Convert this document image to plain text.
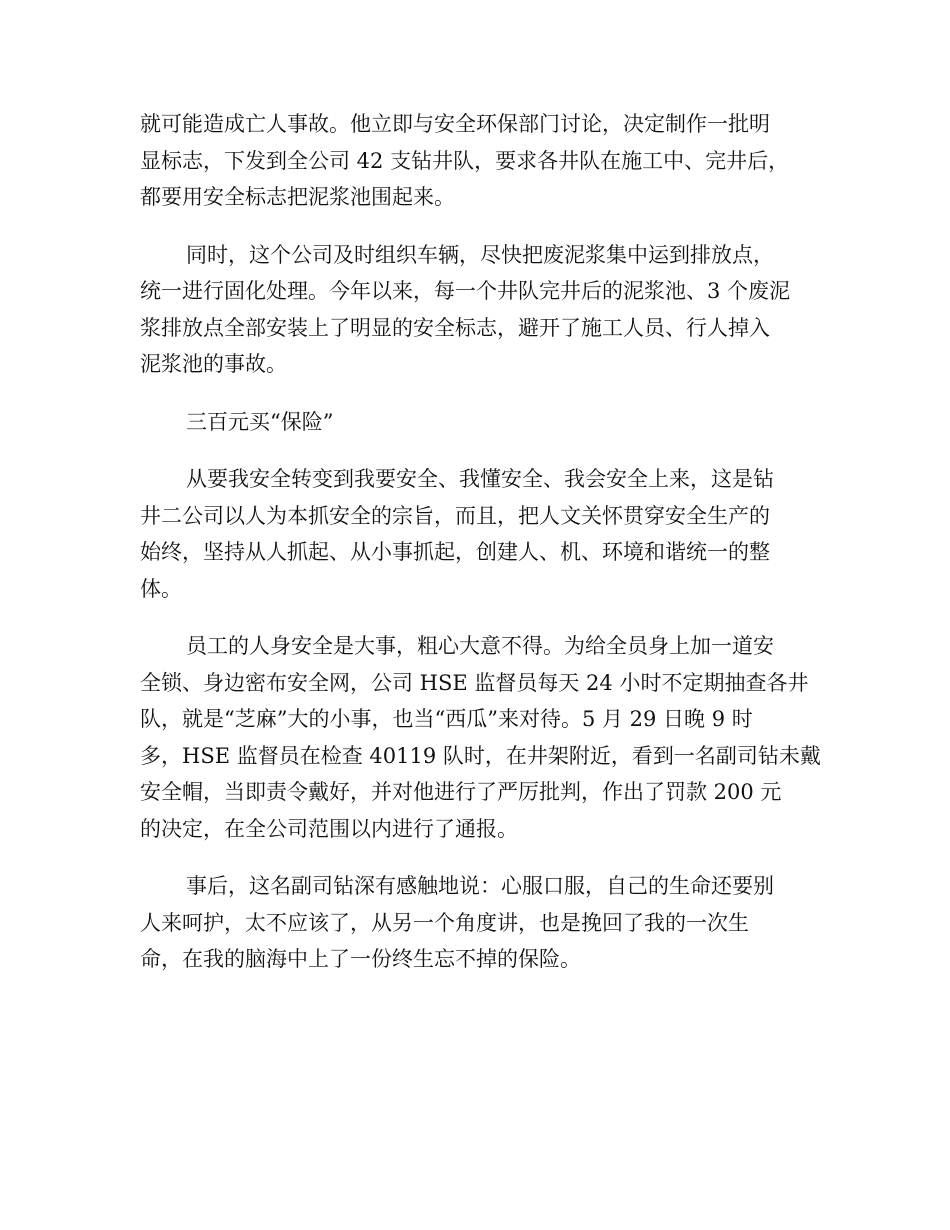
就可能造成亡人事故。他立即与安全环保部门讨论，决定制作一批明
显标志，下发到全公司 42 支钻井队，要求各井队在施工中、完井后，
都要用安全标志把泥浆池围起来。

同时，这个公司及时组织车辆，尽快把废泥浆集中运到排放点，
统一进行固化处理。今年以来，每一个井队完井后的泥浆池、3 个废泥
浆排放点全部安装上了明显的安全标志，避开了施工人员、行人掉入
泥浆池的事故。

三百元买“保险”

从要我安全转变到我要安全、我懂安全、我会安全上来，这是钻
井二公司以人为本抓安全的宗旨，而且，把人文关怀贯穿安全生产的
始终，坚持从人抓起、从小事抓起，创建人、机、环境和谐统一的整
体。

员工的人身安全是大事，粗心大意不得。为给全员身上加一道安
全锁、身边密布安全网，公司 HSE 监督员每天 24 小时不定期抽查各井
队，就是“芝麻”大的小事，也当“西瓜”来对待。5 月 29 日晚 9 时
多，HSE 监督员在检查 40119 队时，在井架附近，看到一名副司钻未戴
安全帽，当即责令戴好，并对他进行了严厉批判，作出了罚款 200 元
的决定，在全公司范围以内进行了通报。

事后，这名副司钻深有感触地说：心服口服，自己的生命还要别
人来呵护，太不应该了，从另一个角度讲，也是挽回了我的一次生
命，在我的脑海中上了一份终生忘不掉的保险。
